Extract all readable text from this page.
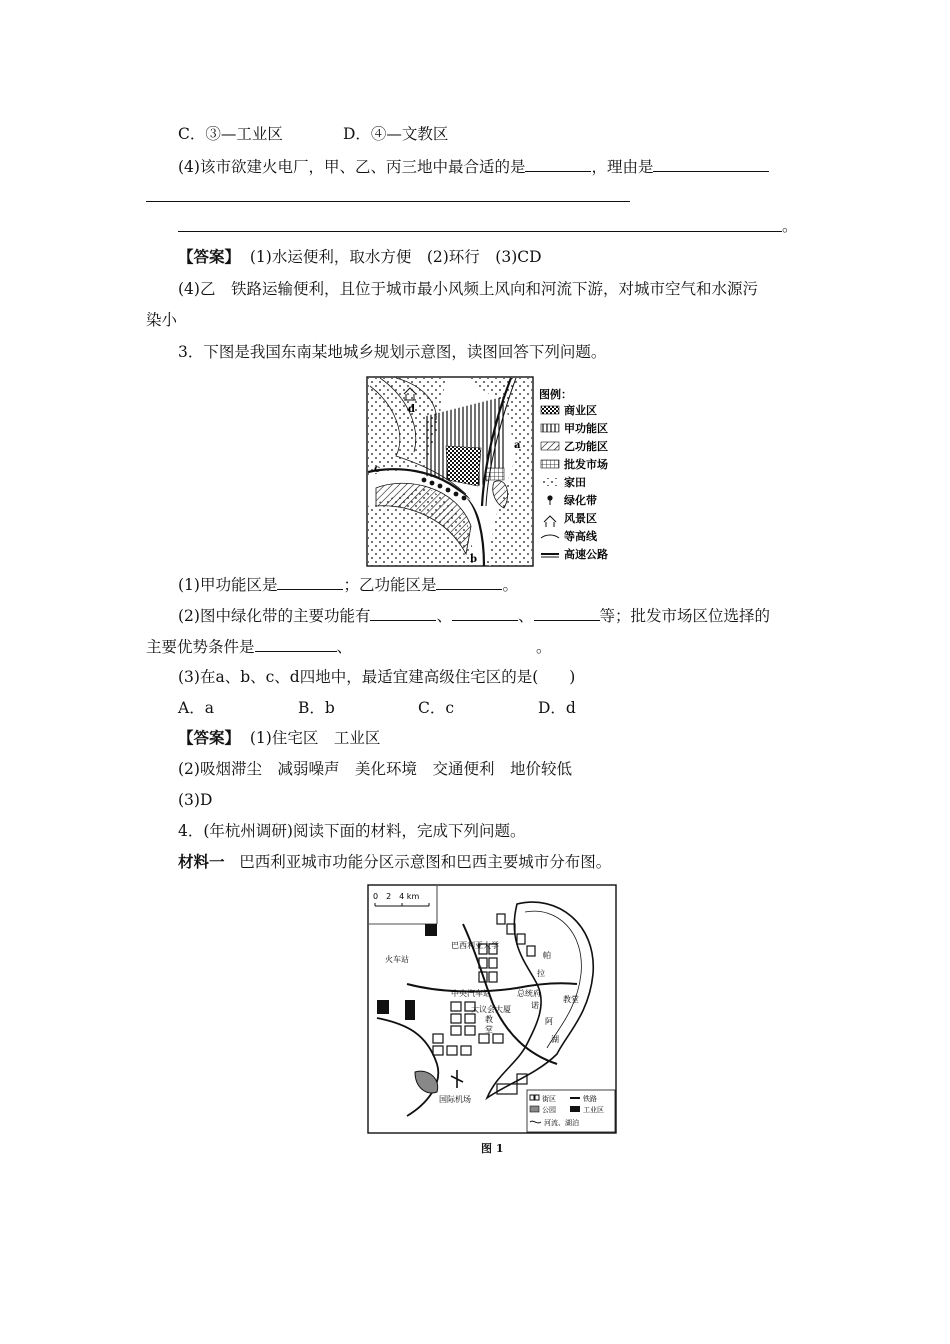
C．③—工业区	D．④—文教区
(4)该市欲建火电厂，甲、乙、丙三地中最合适的是	，理由是
。
【答案】 (1)水运便利，取水方便　(2)环行　(3)CD
(4)乙　铁路运输便利，且位于城市最小风频上风向和河流下游，对城市空气和水源污
染小
3．下图是我国东南某地城乡规划示意图，读图回答下列问题。
d
a
c
b
图例：
商业区
甲功能区
乙功能区
批发市场
家田
绿化带
风景区
等高线
高速公路
(1)甲功能区是	；乙功能区是	。
(2)图中绿化带的主要功能有	、	、	等；批发市场区位选择的
主要优势条件是	、	。
(3)在a、b、c、d四地中，最适宜建高级住宅区的是(　　)
A．a	B．b	C．c	D．d
【答案】 (1)住宅区　工业区
(2)吸烟滞尘　减弱噪声　美化环境　交通便利　地价较低
(3)D
4．(年杭州调研)阅读下面的材料，完成下列问题。
材料一 巴西利亚城市功能分区示意图和巴西主要城市分布图。
0　2　4 km
巴西利亚大学
火车站
中央汽车站	总统府
大议会大厦
教
堂
帕
拉
诺
阿
湖
教堂
国际机场	街区	铁路
公园	工业区
河流、湖泊
图 1
